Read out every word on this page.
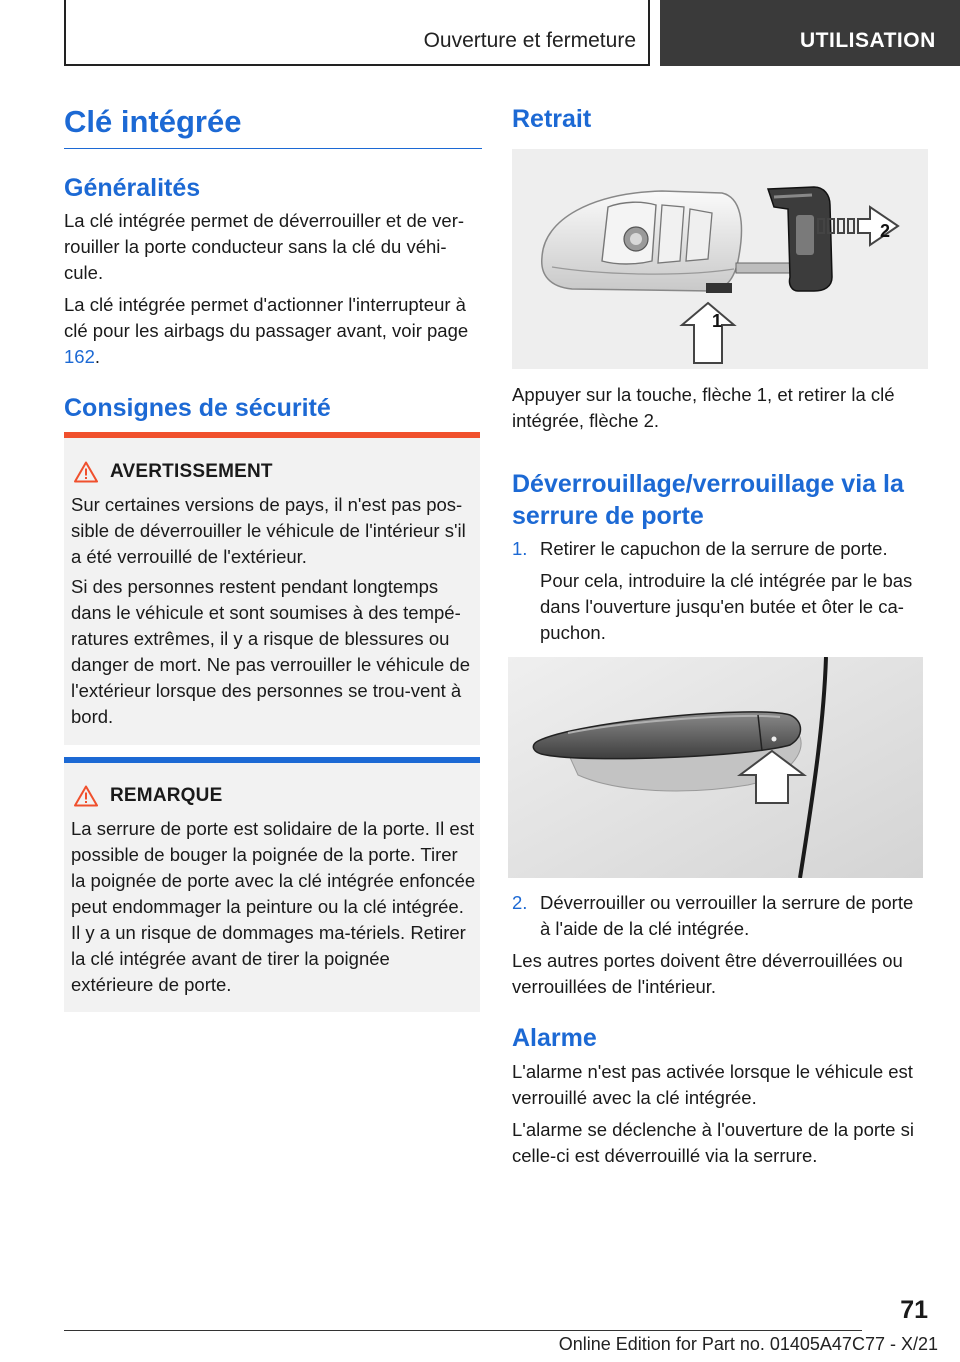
Ouverture et fermeture	UTILISATION
Clé intégrée
Généralités

La clé intégrée permet de déverrouiller et de ver-rouiller la porte conducteur sans la clé du véhi-cule.

La clé intégrée permet d'actionner l'interrupteur à clé pour les airbags du passager avant, voir page 162.

Consignes de sécurité
AVERTISSEMENT

Sur certaines versions de pays, il n'est pas pos-sible de déverrouiller le véhicule de l'intérieur s'il a été verrouillé de l'extérieur.

Si des personnes restent pendant longtemps dans le véhicule et sont soumises à des tempé-ratures extrêmes, il y a risque de blessures ou danger de mort. Ne pas verrouiller le véhicule de l'extérieur lorsque des personnes se trou-vent à bord.

REMARQUE

La serrure de porte est solidaire de la porte. Il est possible de bouger la poignée de la porte. Tirer la poignée de porte avec la clé intégrée enfoncée peut endommager la peinture ou la clé intégrée. Il y a un risque de dommages ma-tériels. Retirer la clé intégrée avant de tirer la poignée extérieure de porte.

Retrait
2
1

Appuyer sur la touche, flèche 1, et retirer la clé intégrée, flèche 2.

Déverrouillage/verrouillage via la serrure de porte
1. Retirer le capuchon de la serrure de porte.

Pour cela, introduire la clé intégrée par le bas dans l'ouverture jusqu'en butée et ôter le ca-puchon.

2. Déverrouiller ou verrouiller la serrure de porte à l'aide de la clé intégrée.

Les autres portes doivent être déverrouillées ou verrouillées de l'intérieur.

Alarme

L'alarme n'est pas activée lorsque le véhicule est verrouillé avec la clé intégrée.

L'alarme se déclenche à l'ouverture de la porte si celle-ci est déverrouillé via la serrure.

71
Online Edition for Part no. 01405A47C77 - X/21
